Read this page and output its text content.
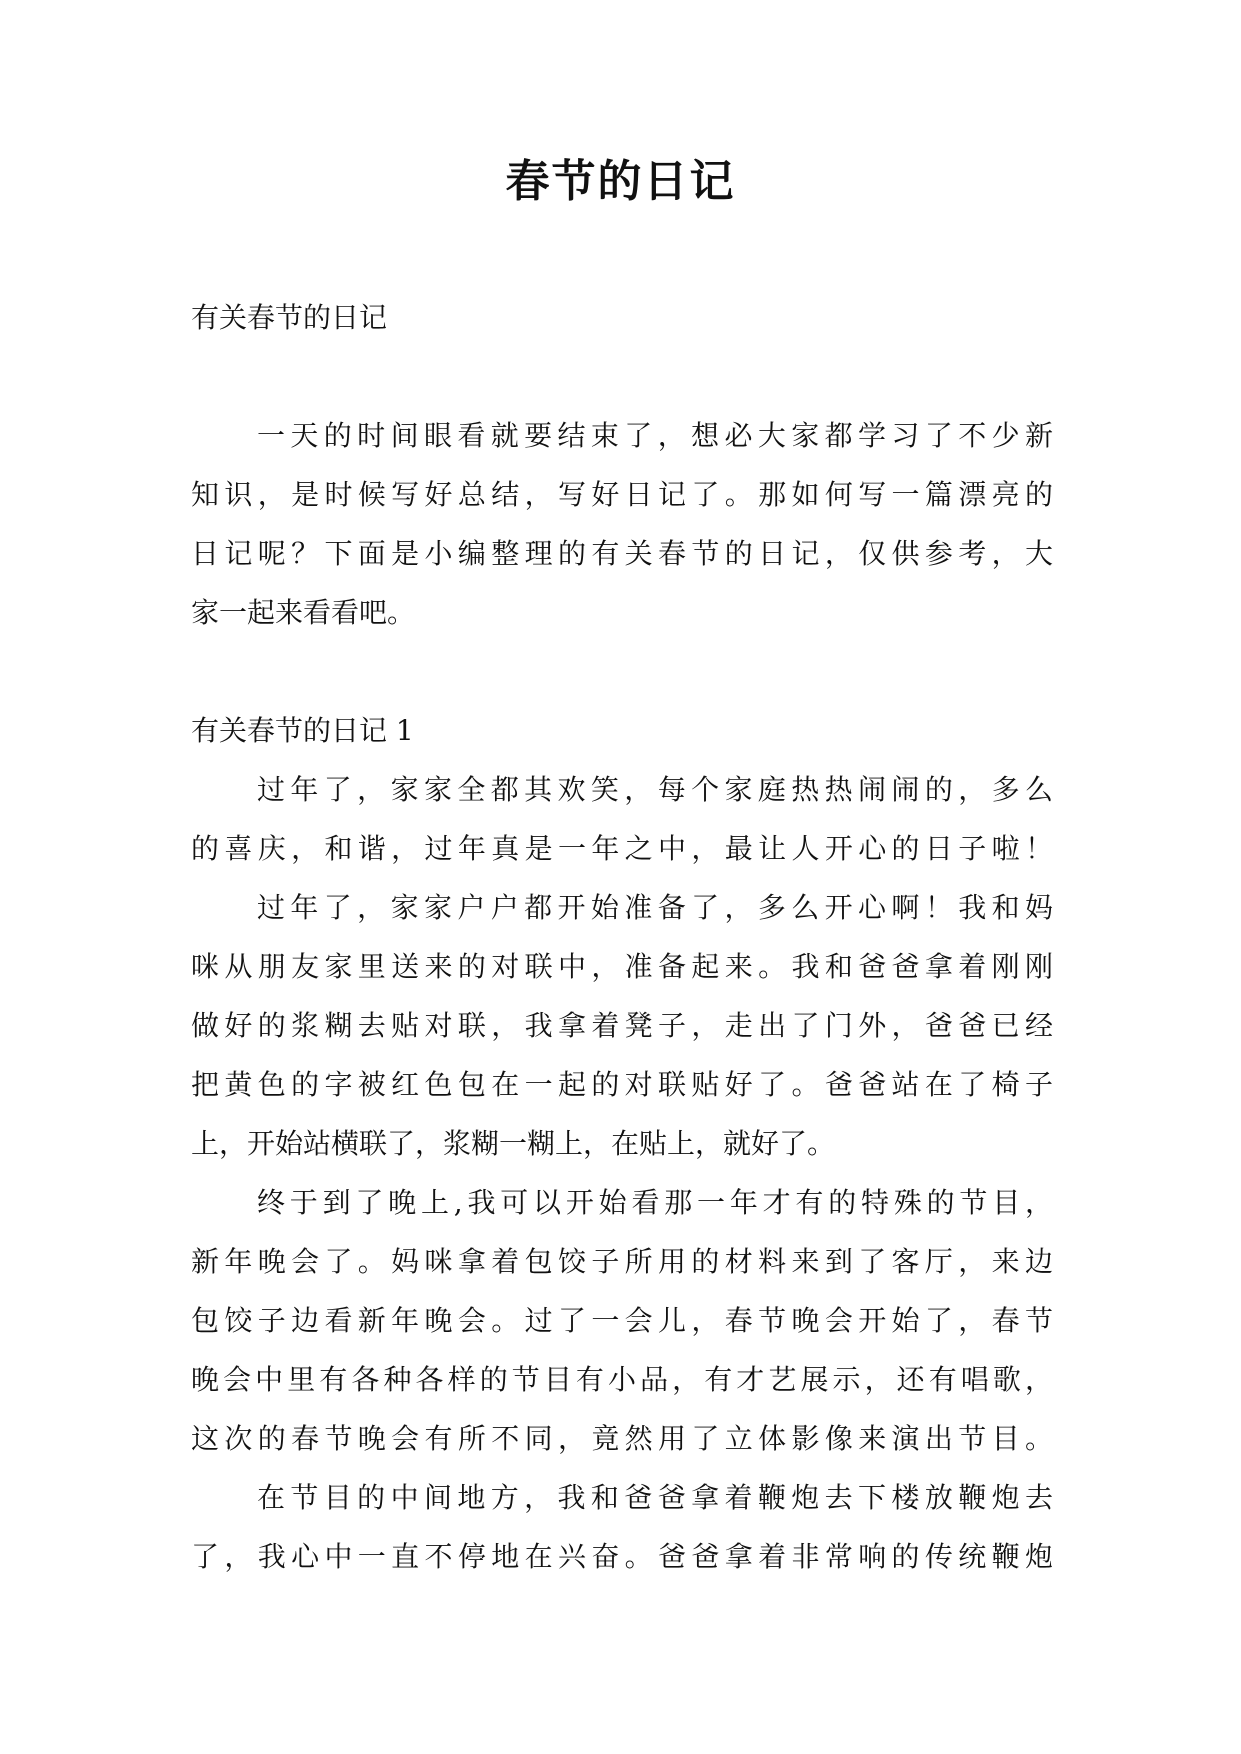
春节的日记
有关春节的日记
一天的时间眼看就要结束了，想必大家都学习了不少新
知识，是时候写好总结，写好日记了。那如何写一篇漂亮的
日记呢？下面是小编整理的有关春节的日记，仅供参考，大
家一起来看看吧。
有关春节的日记 1
过年了，家家全都其欢笑，每个家庭热热闹闹的，多么
的喜庆，和谐，过年真是一年之中，最让人开心的日子啦！
过年了，家家户户都开始准备了，多么开心啊！我和妈
咪从朋友家里送来的对联中，准备起来。我和爸爸拿着刚刚
做好的浆糊去贴对联，我拿着凳子，走出了门外，爸爸已经
把黄色的字被红色包在一起的对联贴好了。爸爸站在了椅子
上，开始站横联了，浆糊一糊上，在贴上，就好了。
终于到了晚上,我可以开始看那一年才有的特殊的节目，
新年晚会了。妈咪拿着包饺子所用的材料来到了客厅，来边
包饺子边看新年晚会。过了一会儿，春节晚会开始了，春节
晚会中里有各种各样的节目有小品，有才艺展示，还有唱歌，
这次的春节晚会有所不同，竟然用了立体影像来演出节目。
在节目的中间地方，我和爸爸拿着鞭炮去下楼放鞭炮去
了，我心中一直不停地在兴奋。爸爸拿着非常响的传统鞭炮
